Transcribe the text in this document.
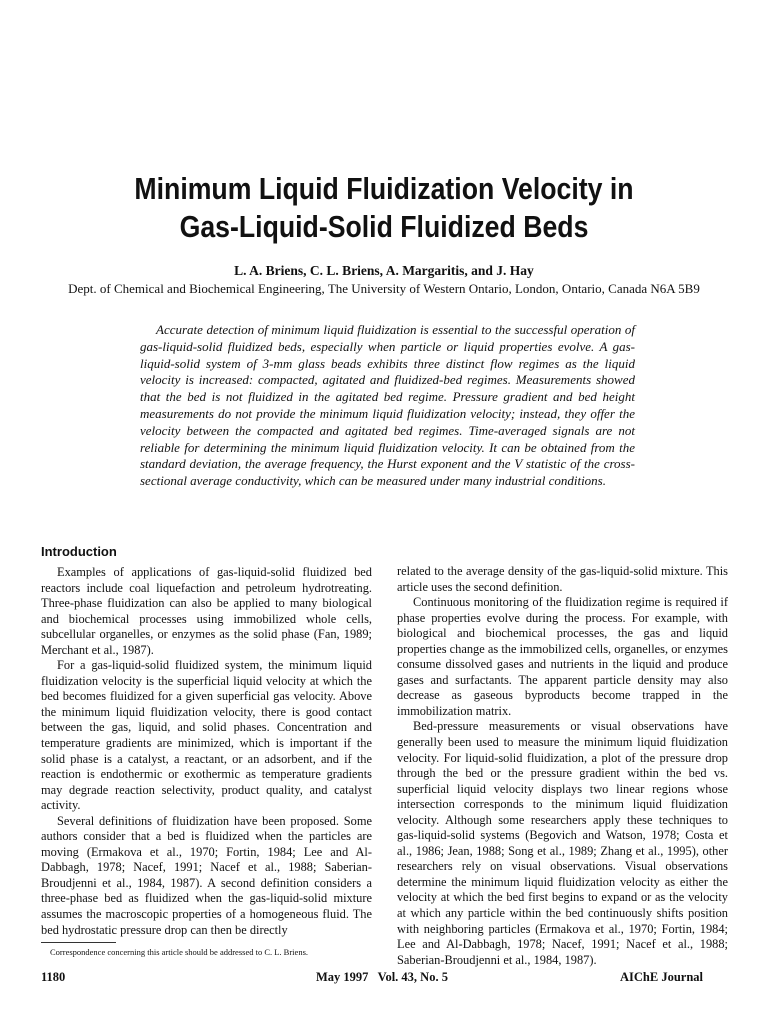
Minimum Liquid Fluidization Velocity in
Gas-Liquid-Solid Fluidized Beds
L. A. Briens, C. L. Briens, A. Margaritis, and J. Hay
Dept. of Chemical and Biochemical Engineering, The University of Western Ontario, London, Ontario, Canada N6A 5B9

Accurate detection of minimum liquid fluidization is essential to the successful operation of gas-liquid-solid fluidized beds, especially when particle or liquid properties evolve. A gas-liquid-solid system of 3-mm glass beads exhibits three distinct flow regimes as the liquid velocity is increased: compacted, agitated and fluidized-bed regimes. Measurements showed that the bed is not fluidized in the agitated bed regime. Pressure gradient and bed height measurements do not provide the minimum liquid fluidization velocity; instead, they offer the velocity between the compacted and agitated bed regimes. Time-averaged signals are not reliable for determining the minimum liquid fluidization velocity. It can be obtained from the standard deviation, the average frequency, the Hurst exponent and the V statistic of the cross-sectional average conductivity, which can be measured under many industrial conditions.

Introduction

Examples of applications of gas-liquid-solid fluidized bed reactors include coal liquefaction and petroleum hydrotreating. Three-phase fluidization can also be applied to many biological and biochemical processes using immobilized whole cells, subcellular organelles, or enzymes as the solid phase (Fan, 1989; Merchant et al., 1987).

For a gas-liquid-solid fluidized system, the minimum liquid fluidization velocity is the superficial liquid velocity at which the bed becomes fluidized for a given superficial gas velocity. Above the minimum liquid fluidization velocity, there is good contact between the gas, liquid, and solid phases. Concentration and temperature gradients are minimized, which is important if the solid phase is a catalyst, a reactant, or an adsorbent, and if the reaction is endothermic or exothermic as temperature gradients may degrade reaction selectivity, product quality, and catalyst activity.

Several definitions of fluidization have been proposed. Some authors consider that a bed is fluidized when the particles are moving (Ermakova et al., 1970; Fortin, 1984; Lee and Al-Dabbagh, 1978; Nacef, 1991; Nacef et al., 1988; Saberian-Broudjenni et al., 1984, 1987). A second definition considers a three-phase bed as fluidized when the gas-liquid-solid mixture assumes the macroscopic properties of a homogeneous fluid. The bed hydrostatic pressure drop can then be directly

related to the average density of the gas-liquid-solid mixture. This article uses the second definition.

Continuous monitoring of the fluidization regime is required if phase properties evolve during the process. For example, with biological and biochemical processes, the gas and liquid properties change as the immobilized cells, organelles, or enzymes consume dissolved gases and nutrients in the liquid and produce gases and surfactants. The apparent particle density may also decrease as gaseous byproducts become trapped in the immobilization matrix.

Bed-pressure measurements or visual observations have generally been used to measure the minimum liquid fluidization velocity. For liquid-solid fluidization, a plot of the pressure drop through the bed or the pressure gradient within the bed vs. superficial liquid velocity displays two linear regions whose intersection corresponds to the minimum liquid fluidization velocity. Although some researchers apply these techniques to gas-liquid-solid systems (Begovich and Watson, 1978; Costa et al., 1986; Jean, 1988; Song et al., 1989; Zhang et al., 1995), other researchers rely on visual observations. Visual observations determine the minimum liquid fluidization velocity as either the velocity at which the bed first begins to expand or as the velocity at which any particle within the bed continuously shifts position with neighboring particles (Ermakova et al., 1970; Fortin, 1984; Lee and Al-Dabbagh, 1978; Nacef, 1991; Nacef et al., 1988; Saberian-Broudjenni et al., 1984, 1987).

Correspondence concerning this article should be addressed to C. L. Briens.
1180	May 1997   Vol. 43, No. 5	AIChE Journal
